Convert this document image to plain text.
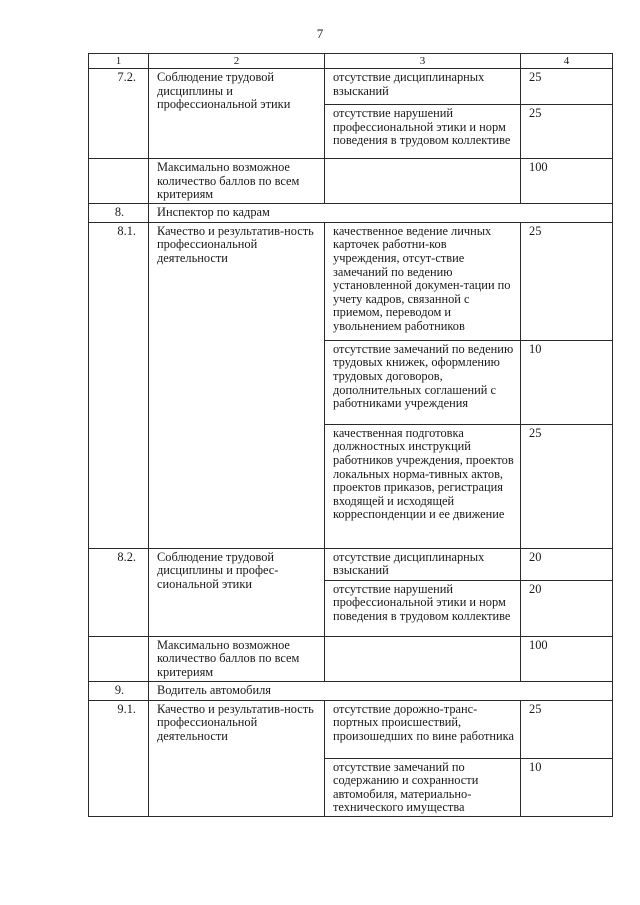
7
1	2	3	4
7.2.	Соблюдение трудовой дисциплины и профессиональной этики	отсутствие дисциплинарных взысканий	25
		отсутствие нарушений профессиональной этики и норм поведения в трудовом коллективе	25
	Максимально возможное количество баллов по всем критериям		100
8.	Инспектор по кадрам		
8.1.	Качество и результатив-ность профессиональной деятельности	качественное ведение личных карточек работни-ков учреждения, отсут-ствие замечаний по ведению установленной докумен-тации по учету кадров, связанной с приемом, переводом и увольнением работников	25
		отсутствие замечаний по ведению трудовых книжек, оформлению трудовых договоров, дополнительных соглашений с работниками учреждения	10
		качественная подготовка должностных инструкций работников учреждения, проектов локальных норма-тивных актов, проектов приказов, регистрация входящей и исходящей корреспонденции и ее движение	25
8.2.	Соблюдение трудовой дисциплины и профес-сиональной этики	отсутствие дисциплинарных взысканий	20
		отсутствие нарушений профессиональной этики и норм поведения в трудовом коллективе	20
	Максимально возможное количество баллов по всем критериям		100
9.	Водитель автомобиля		
9.1.	Качество и результатив-ность профессиональной деятельности	отсутствие дорожно-транс-портных происшествий, произошедших по вине работника	25
		отсутствие замечаний по содержанию и сохранности автомобиля, материально-технического имущества	10
